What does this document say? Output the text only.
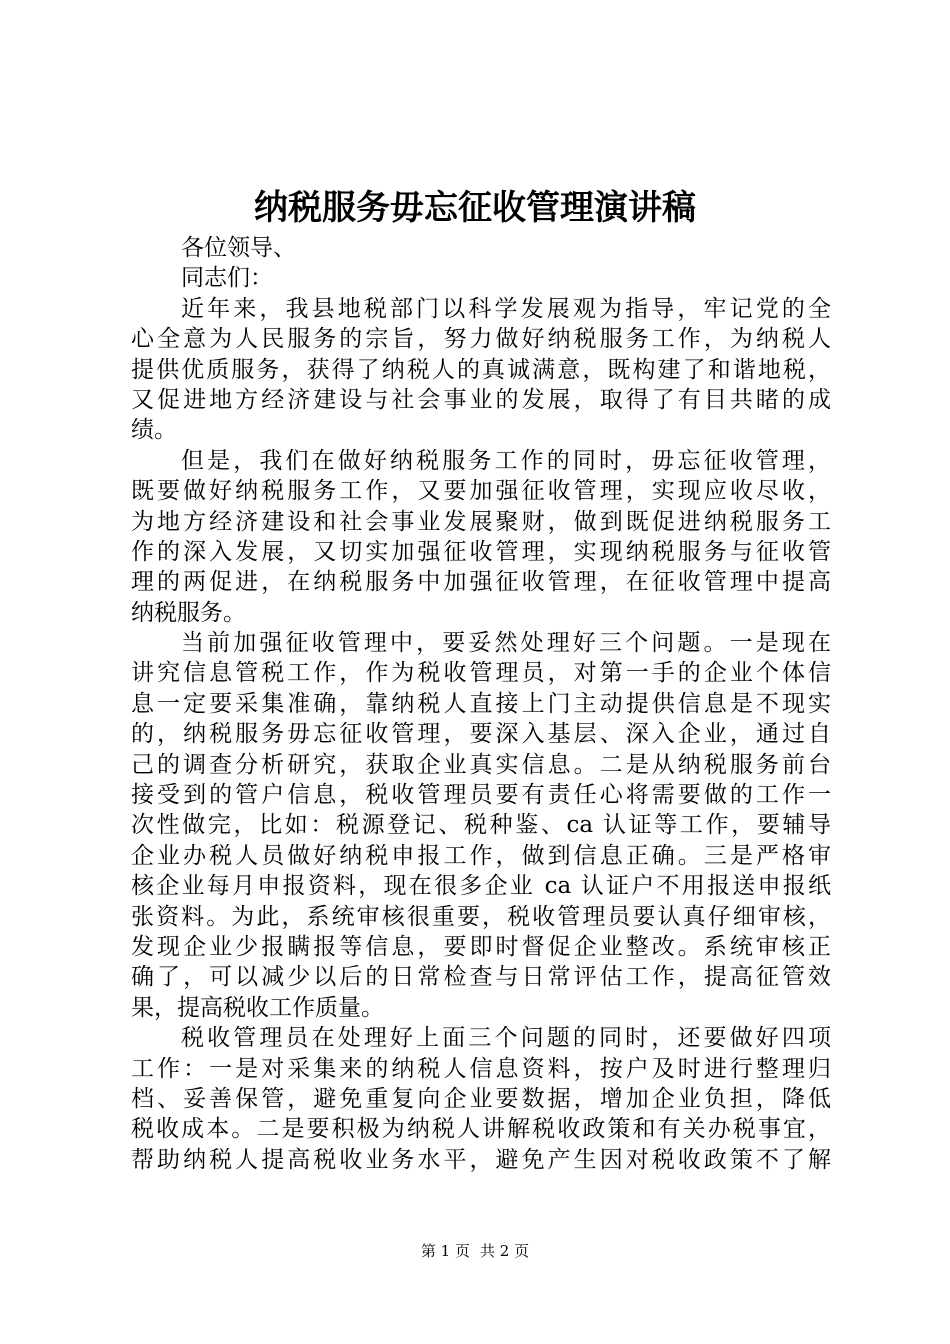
纳税服务毋忘征收管理演讲稿
各位领导、
同志们：
近年来，我县地税部门以科学发展观为指导，牢记党的全
心全意为人民服务的宗旨，努力做好纳税服务工作，为纳税人
提供优质服务，获得了纳税人的真诚满意，既构建了和谐地税，
又促进地方经济建设与社会事业的发展，取得了有目共睹的成
绩。
但是，我们在做好纳税服务工作的同时，毋忘征收管理，
既要做好纳税服务工作，又要加强征收管理，实现应收尽收，
为地方经济建设和社会事业发展聚财，做到既促进纳税服务工
作的深入发展，又切实加强征收管理，实现纳税服务与征收管
理的两促进，在纳税服务中加强征收管理，在征收管理中提高
纳税服务。
当前加强征收管理中，要妥然处理好三个问题。一是现在
讲究信息管税工作，作为税收管理员，对第一手的企业个体信
息一定要采集准确，靠纳税人直接上门主动提供信息是不现实
的，纳税服务毋忘征收管理，要深入基层、深入企业，通过自
己的调查分析研究，获取企业真实信息。二是从纳税服务前台
接受到的管户信息，税收管理员要有责任心将需要做的工作一
次性做完，比如：税源登记、税种鉴、ca 认证等工作，要辅导
企业办税人员做好纳税申报工作，做到信息正确。三是严格审
核企业每月申报资料，现在很多企业 ca 认证户不用报送申报纸
张资料。为此，系统审核很重要，税收管理员要认真仔细审核，
发现企业少报瞒报等信息，要即时督促企业整改。系统审核正
确了，可以减少以后的日常检查与日常评估工作，提高征管效
果，提高税收工作质量。
税收管理员在处理好上面三个问题的同时，还要做好四项
工作：一是对采集来的纳税人信息资料，按户及时进行整理归
档、妥善保管，避免重复向企业要数据，增加企业负担，降低
税收成本。二是要积极为纳税人讲解税收政策和有关办税事宜，
帮助纳税人提高税收业务水平，避免产生因对税收政策不了解
第 1 页 共 2 页
